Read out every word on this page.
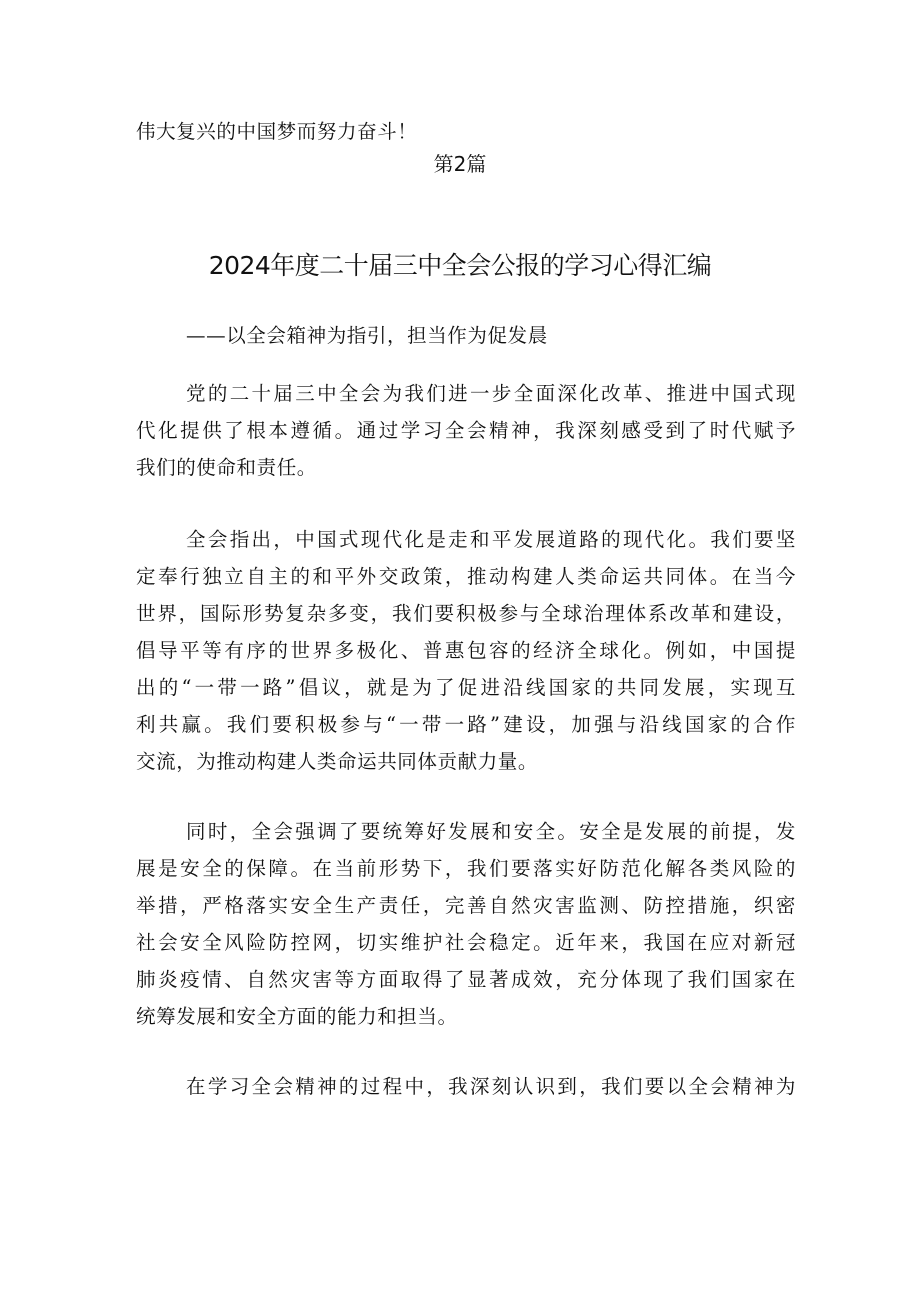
伟大复兴的中国梦而努力奋斗！
第2篇
2024年度二十届三中全会公报的学习心得汇编
——以全会箱神为指引，担当作为促发晨
党的二十届三中全会为我们进一步全面深化改革、推进中国式现
代化提供了根本遵循。通过学习全会精神，我深刻感受到了时代赋予
我们的使命和责任。
全会指出，中国式现代化是走和平发展道路的现代化。我们要坚
定奉行独立自主的和平外交政策，推动构建人类命运共同体。在当今
世界，国际形势复杂多变，我们要积极参与全球治理体系改革和建设，
倡导平等有序的世界多极化、普惠包容的经济全球化。例如，中国提
出的“一带一路”倡议，就是为了促进沿线国家的共同发展，实现互
利共赢。我们要积极参与“一带一路”建设，加强与沿线国家的合作
交流，为推动构建人类命运共同体贡献力量。
同时，全会强调了要统筹好发展和安全。安全是发展的前提，发
展是安全的保障。在当前形势下，我们要落实好防范化解各类风险的
举措，严格落实安全生产责任，完善自然灾害监测、防控措施，织密
社会安全风险防控网，切实维护社会稳定。近年来，我国在应对新冠
肺炎疫情、自然灾害等方面取得了显著成效，充分体现了我们国家在
统筹发展和安全方面的能力和担当。
在学习全会精神的过程中，我深刻认识到，我们要以全会精神为
